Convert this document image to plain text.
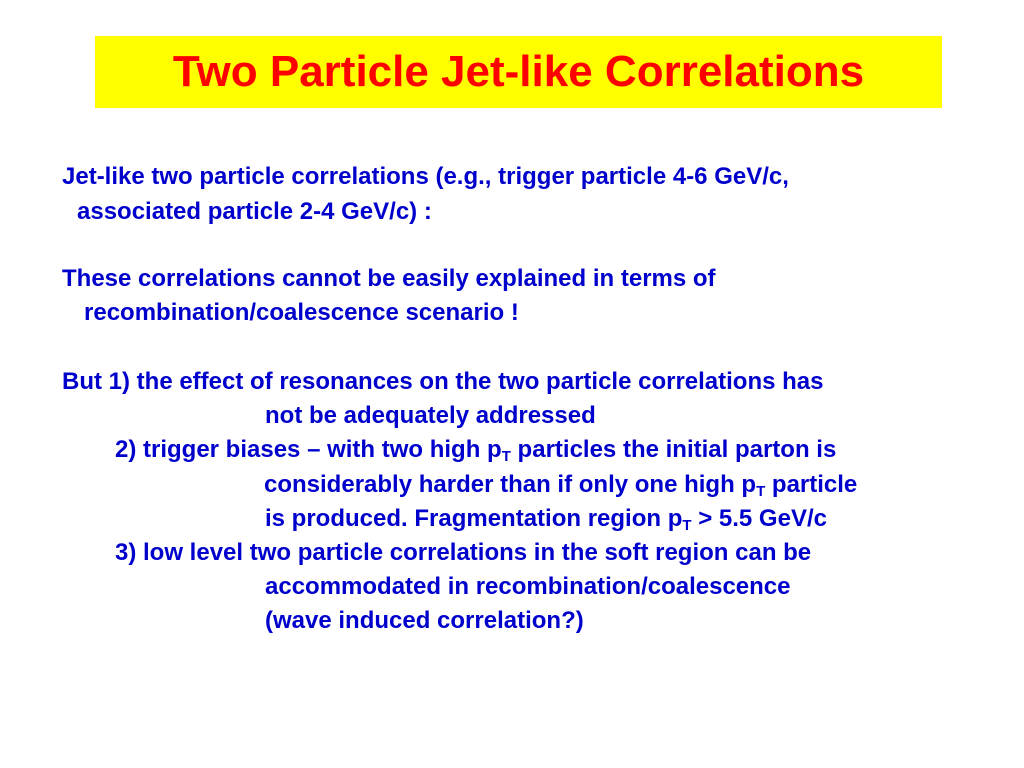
Two Particle Jet-like Correlations
Jet-like two particle correlations (e.g., trigger particle 4-6 GeV/c,
associated particle 2-4 GeV/c) :
These correlations cannot be easily explained in terms of
recombination/coalescence scenario !
But 1) the effect of resonances on the two particle correlations has
not be adequately addressed
2) trigger biases – with two high $p_T$ particles the initial parton is
considerably harder than if only one high $p_T$ particle
is produced. Fragmentation region $p_T > 5.5$ GeV/c
3) low level two particle correlations in the soft region can be
accommodated in recombination/coalescence
(wave induced correlation?)
